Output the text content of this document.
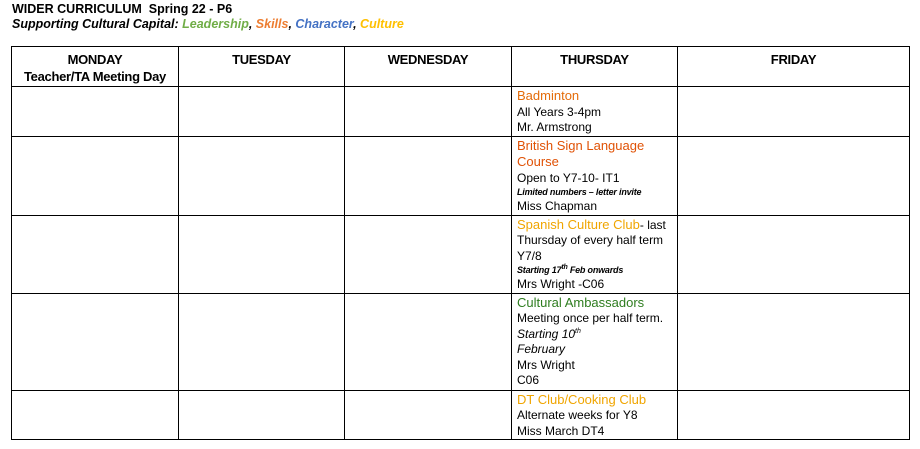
WIDER CURRICULUM  Spring 22 - P6
Supporting Cultural Capital: Leadership, Skills, Character, Culture
MONDAY
Teacher/TA Meeting Day	TUESDAY	WEDNESDAY	THURSDAY	FRIDAY

			Badminton
All Years 3-4pm
Mr. Armstrong	

			British Sign Language Course
Open to Y7-10- IT1
Limited numbers – letter invite
Miss Chapman	

			Spanish Culture Club- last Thursday of every half term Y7/8
Starting 17th Feb onwards
Mrs Wright -C06	

			Cultural Ambassadors
Meeting once per half term. Starting 10th
February
Mrs Wright
C06	

			DT Club/Cooking Club
Alternate weeks for Y8
Miss March DT4	
